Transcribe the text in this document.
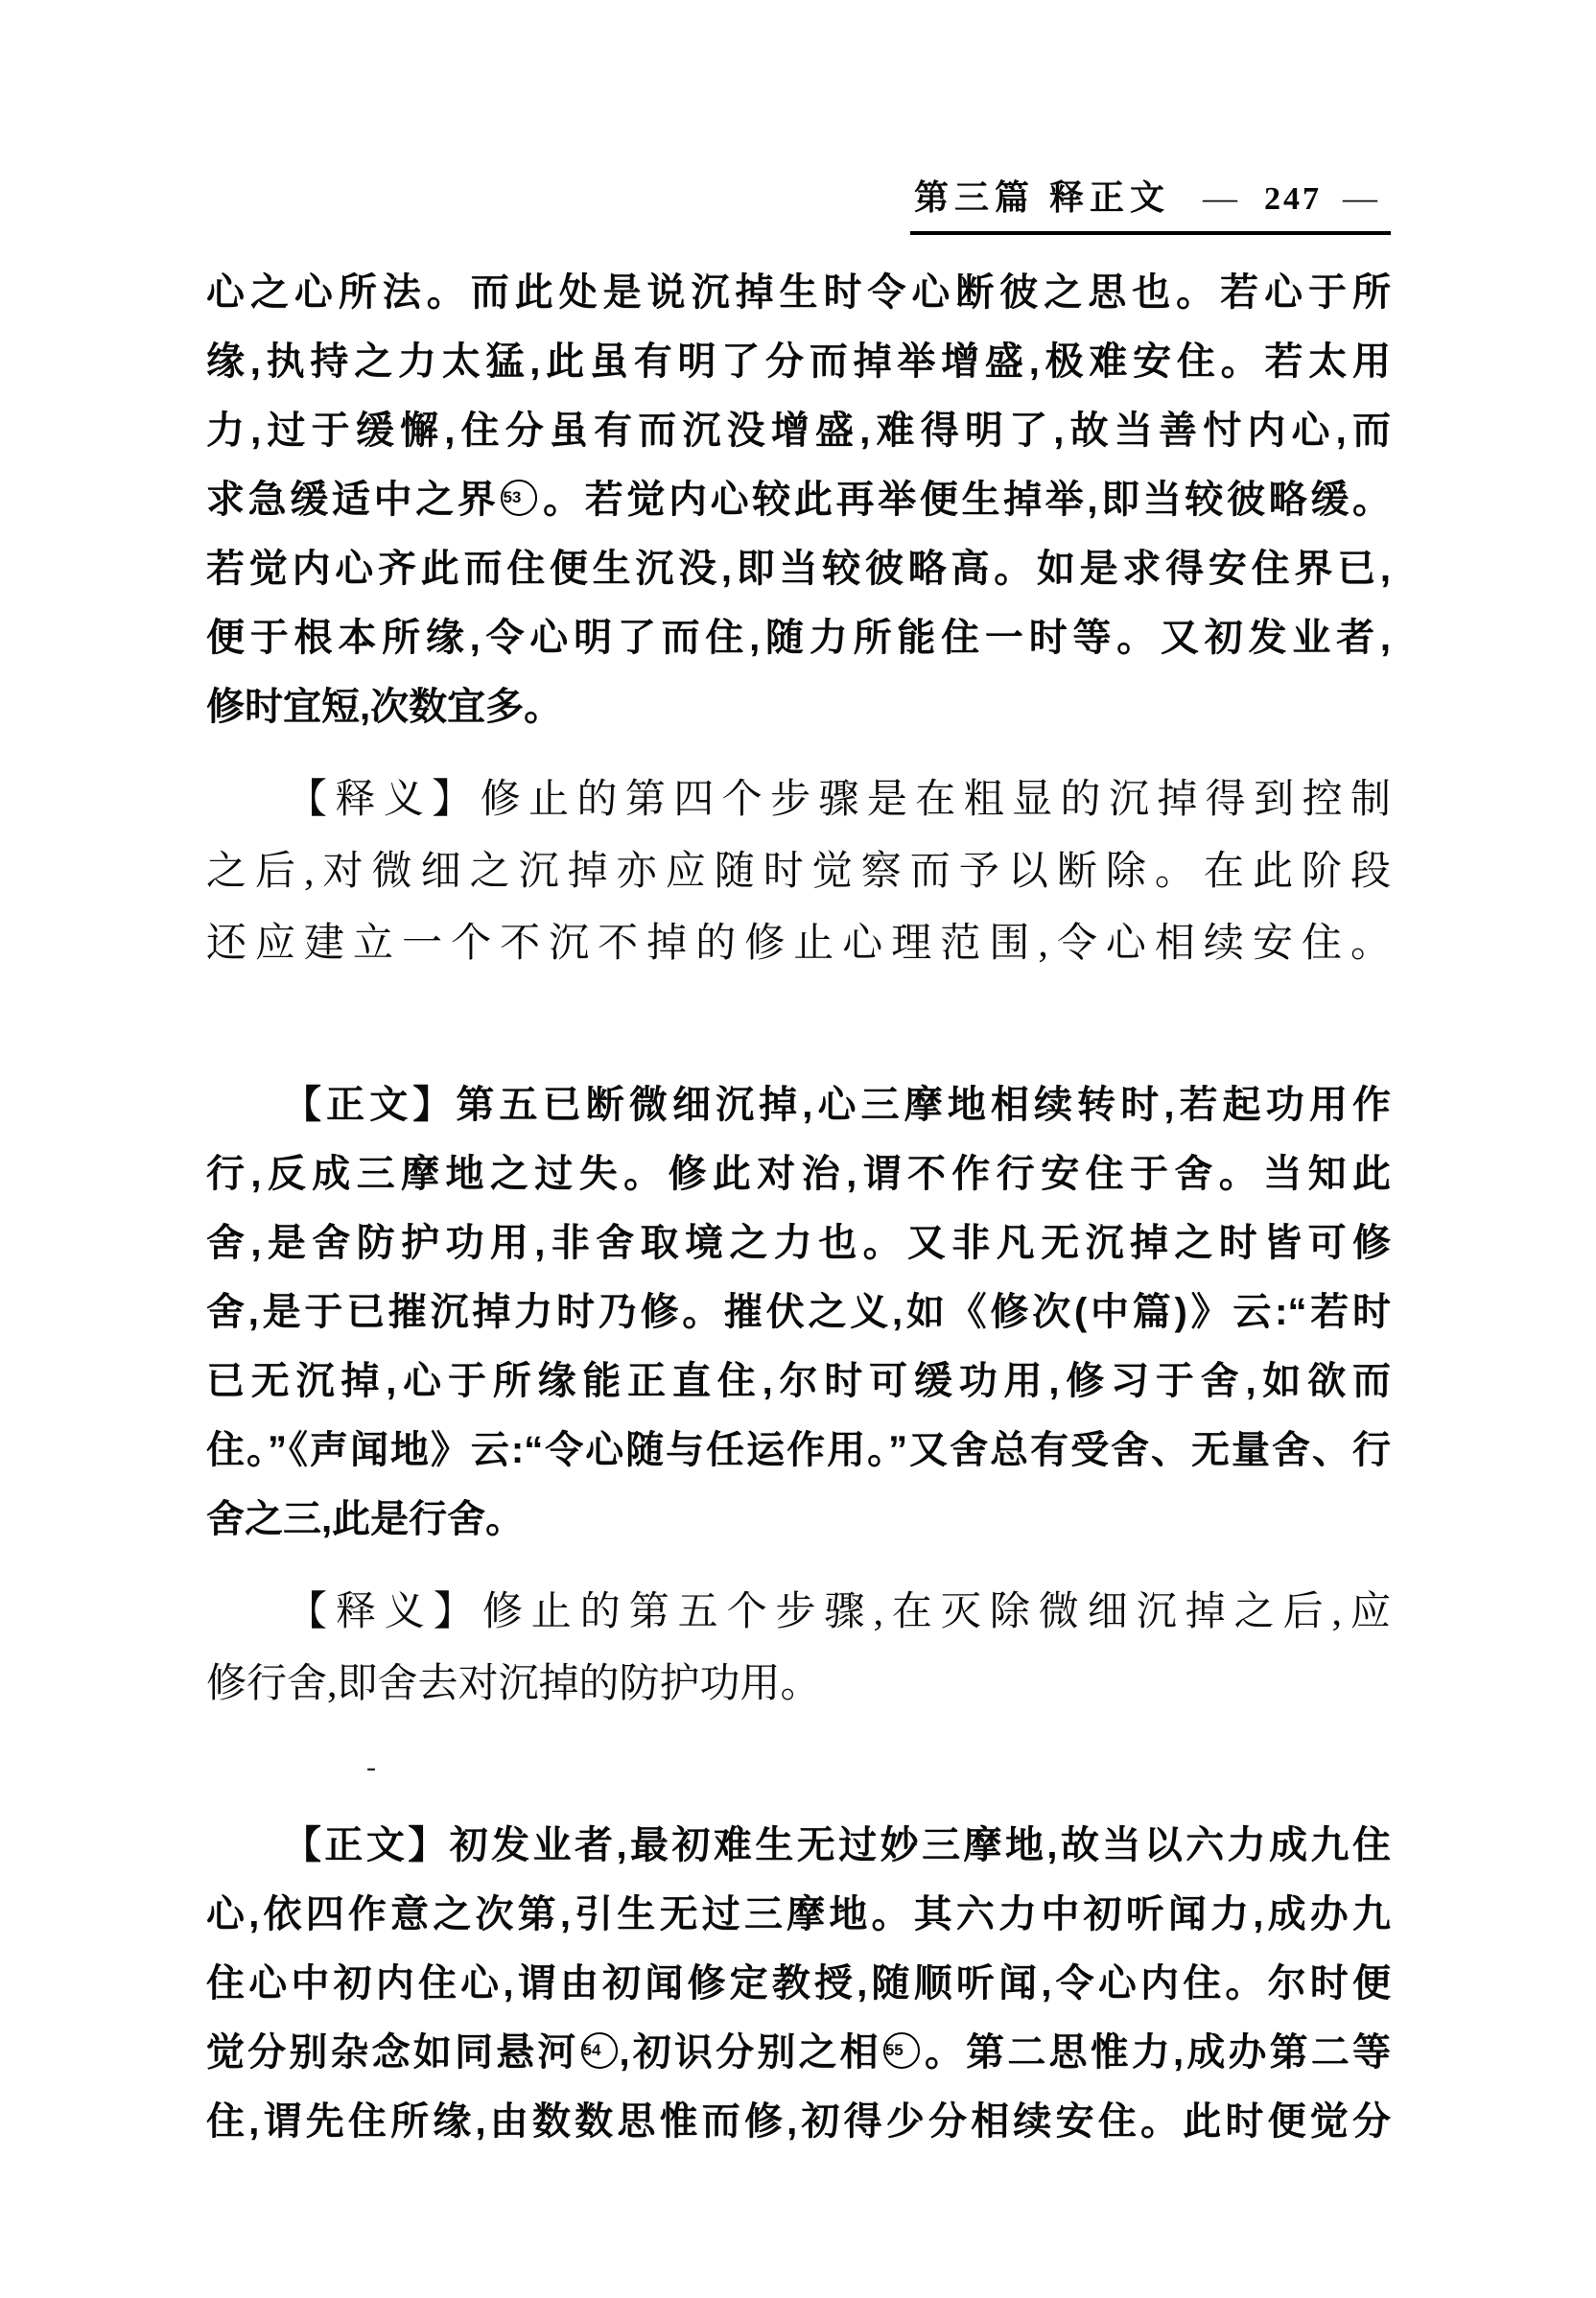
第三篇 释正文 — 247 —
心之心所法。而此处是说沉掉生时令心断彼之思也。若心于所
缘,执持之力太猛,此虽有明了分而掉举增盛,极难安住。若太用
力,过于缓懈,住分虽有而沉没增盛,难得明了,故当善忖内心,而
求急缓适中之界 53 。若觉内心较此再举便生掉举,即当较彼略缓。
若觉内心齐此而住便生沉没,即当较彼略高。如是求得安住界已,
便于根本所缘,令心明了而住,随力所能住一时等。又初发业者,
修时宜短,次数宜多。
【释义】修止的第四个步骤是在粗显的沉掉得到控制
之后,对微细之沉掉亦应随时觉察而予以断除。在此阶段
还应建立一个不沉不掉的修止心理范围,令心相续安住。
【正文】第五已断微细沉掉,心三摩地相续转时,若起功用作
行,反成三摩地之过失。修此对治,谓不作行安住于舍。当知此
舍,是舍防护功用,非舍取境之力也。又非凡无沉掉之时皆可修
舍,是于已摧沉掉力时乃修。摧伏之义,如《修次(中篇)》云:“若时
已无沉掉,心于所缘能正直住,尔时可缓功用,修习于舍,如欲而
住。”《声闻地》云:“令心随与任运作用。”又舍总有受舍、无量舍、行
舍之三,此是行舍。
【释义】修止的第五个步骤,在灭除微细沉掉之后,应
修行舍,即舍去对沉掉的防护功用。
【正文】初发业者,最初难生无过妙三摩地,故当以六力成九住
心,依四作意之次第,引生无过三摩地。其六力中初听闻力,成办九
住心中初内住心,谓由初闻修定教授,随顺听闻,令心内住。尔时便
觉分别杂念如同悬河 54 ,初识分别之相 55 。第二思惟力,成办第二等
住,谓先住所缘,由数数思惟而修,初得少分相续安住。此时便觉分
-
